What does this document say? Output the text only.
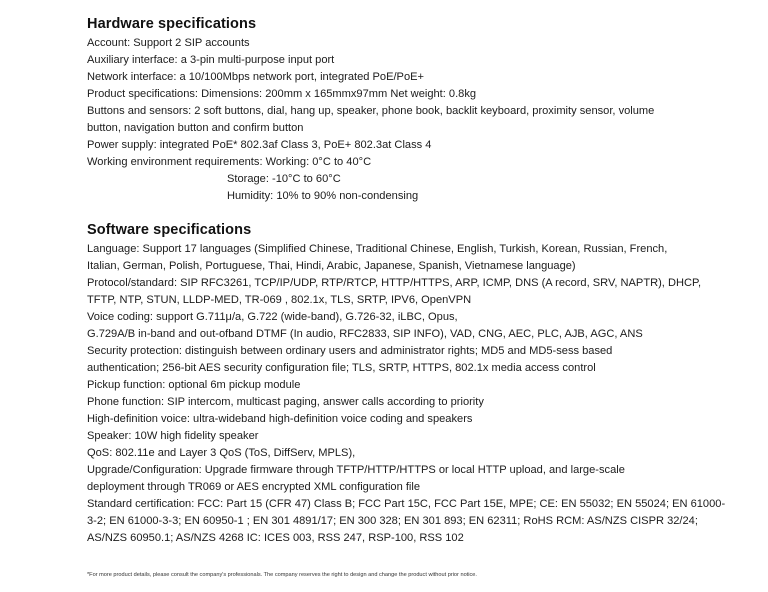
Hardware specifications
Account: Support 2 SIP accounts
Auxiliary interface: a 3-pin multi-purpose input port
Network interface: a 10/100Mbps network port, integrated PoE/PoE+
Product specifications: Dimensions: 200mm x 165mmx97mm Net weight: 0.8kg
Buttons and sensors: 2 soft buttons, dial, hang up, speaker, phone book, backlit keyboard, proximity sensor, volume
button, navigation button and confirm button
Power supply: integrated PoE* 802.3af Class 3, PoE+ 802.3at Class 4
Working environment requirements: Working: 0°C to 40°C
Storage: -10°C to 60°C
Humidity: 10% to 90% non-condensing
Software specifications
Language: Support 17 languages (Simplified Chinese, Traditional Chinese, English, Turkish, Korean, Russian, French,
Italian, German, Polish, Portuguese, Thai, Hindi, Arabic, Japanese, Spanish, Vietnamese language)
Protocol/standard: SIP RFC3261, TCP/IP/UDP, RTP/RTCP, HTTP/HTTPS, ARP, ICMP, DNS (A record, SRV, NAPTR), DHCP,
TFTP, NTP, STUN, LLDP-MED, TR-069 , 802.1x, TLS, SRTP, IPV6, OpenVPN
Voice coding: support G.711μ/a, G.722 (wide-band), G.726-32, iLBC, Opus,
G.729A/B in-band and out-ofband DTMF (In audio, RFC2833, SIP INFO), VAD, CNG, AEC, PLC, AJB, AGC, ANS
Security protection: distinguish between ordinary users and administrator rights; MD5 and MD5-sess based
authentication; 256-bit AES security configuration file; TLS, SRTP, HTTPS, 802.1x media access control
Pickup function: optional 6m pickup module
Phone function: SIP intercom, multicast paging, answer calls according to priority
High-definition voice: ultra-wideband high-definition voice coding and speakers
Speaker: 10W high fidelity speaker
QoS: 802.11e and Layer 3 QoS (ToS, DiffServ, MPLS),
Upgrade/Configuration: Upgrade firmware through TFTP/HTTP/HTTPS or local HTTP upload, and large-scale
deployment through TR069 or AES encrypted XML configuration file
Standard certification: FCC: Part 15 (CFR 47) Class B; FCC Part 15C, FCC Part 15E, MPE; CE: EN 55032; EN 55024; EN 61000-
3-2; EN 61000-3-3; EN 60950-1 ; EN 301 4891/17; EN 300 328; EN 301 893; EN 62311; RoHS RCM: AS/NZS CISPR 32/24;
AS/NZS 60950.1; AS/NZS 4268 IC: ICES 003, RSS 247, RSP-100, RSS 102
*For more product details, please consult the company's professionals. The company reserves the right to design and change the product without prior notice.
